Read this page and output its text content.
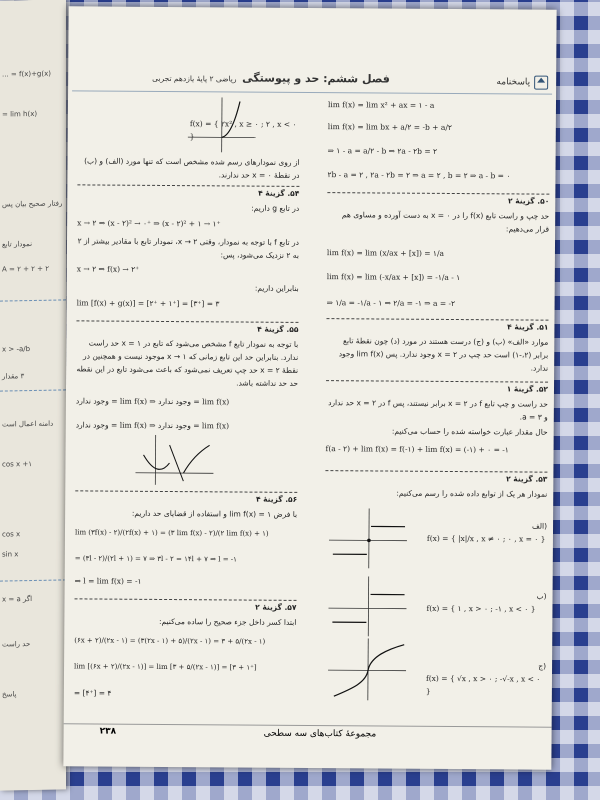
f(x)+g(x) = ...
lim h(x) =
رفتار صحیح بیان پس
نمودار تابع
A = ۲ + ۲ + ۲
x > -a/b
۳ مقدار
دامنه اعمال است
۱+ cos x
cos x
sin x
اگر x = a
حد راست
پاسخ
پاسخنامه
فصل ششم: حد و پیوستگی
ریاضی ۲ پایهٔ یازدهم تجربی
lim f(x) = lim x² + ax = ۱ - a
lim f(x) = lim bx + a/۲ = -b + a/۲
⇒ ۱ - a = a/۲ - b ⇒ ۲a - ۲b = ۲
۲b - a = ۲ , ۲a - ۲b = ۲ ⇒ a = ۲ , b = ۲ ⇒ a - b = ۰
۵۰. گزینهٔ ۲
حد چپ و راست تابع f(x) را در x = ۰ به دست آورده و مساوی هم قرار می‌دهیم:
lim f(x) = lim (x/ax + [x]) = ۱/a
lim f(x) = lim (-x/ax + [x]) = -۱/a - ۱
⇒ ۱/a = -۱/a - ۱ ⇒ ۲/a = -۱ ⇒ a = -۲
۵۱. گزینهٔ ۴
موارد «الف» (ب) و (ج) درست هستند در مورد (د) چون نقطهٔ تابع برابر (۲،-۱) است حد چپ در x = ۲ وجود ندارد. پس lim f(x) وجود ندارد.
۵۲. گزینهٔ ۱
حد راست و چپ تابع f در x = ۲ برابر نیستند، پس f در x = ۲ حد ندارد و ۳ = a.
حال مقدار عبارت خواسته شده را حساب می‌کنیم:
f(a - ۲) + lim f(x) = f(-۱) + lim f(x) = (-۱) + ۰ = -۱
۵۳. گزینهٔ ۲
نمودار هر یک از توابع داده شده را رسم می‌کنیم:
(الف
f(x) = { |x|/x , x ≠ ۰ ; ۰ , x = ۰ }
(ب
f(x) = { ۱ , x > ۰ ; -۱ , x < ۰ }
(ج
f(x) = { √x , x > ۰ ; -√-x , x < ۰ }
f(x) = { ۲x² , x ≥ ۰ ; ۲ , x < ۰ }
از روی نمودارهای رسم شده مشخص است که تنها مورد (الف) و (ب) در نقطهٔ x = ۰ حد ندارند.
۵۴. گزینهٔ ۴
در تابع g داریم:
x → ۲ ⇒ (x - ۲)² → ۰⁺ ⇒ (x - ۲)² + ۱ → ۱⁺
در تابع f با توجه به نمودار، وقتی x → ۲، نمودار تابع با مقادیر بیشتر از ۲ به ۲ نزدیک می‌شود، پس:
x → ۲ ⇒ f(x) → ۲⁺
بنابراین داریم:
lim [f(x) + g(x)] = [۲⁺ + ۱⁺] = [۳⁺] = ۳
۵۵. گزینهٔ ۴
با توجه به نمودار تابع f مشخص می‌شود که تابع در x = ۱ حد راست ندارد. بنابراین حد این تابع زمانی که x → ۱ موجود نیست و همچنین در نقطهٔ x = ۲ حد چپ تعریف نمی‌شود که باعث می‌شود تابع در این نقطه حد حد نداشته باشد.
وجود ندارد = lim f(x) ⇒ وجود ندارد = lim f(x)
وجود ندارد = lim f(x) ⇒ وجود ندارد = lim f(x)
۵۶. گزینهٔ ۴
با فرض lim f(x) = ۱ و استفاده از قضایای حد داریم:
lim (۳f(x) - ۲)/(۲f(x) + ۱) = (۳ lim f(x) - ۲)/(۲ lim f(x) + ۱)
= (۳l - ۲)/(۲l + ۱) = ۷ ⇒ ۳l - ۲ = ۱۴l + ۷ ⇒ l = -۱
⇒ l = lim f(x) = -۱
۵۷. گزینهٔ ۲
ابتدا کسر داخل جزء صحیح را ساده می‌کنیم:
(۶x + ۲)/(۲x - ۱) = (۳(۲x - ۱) + ۵)/(۲x - ۱) = ۳ + ۵/(۲x - ۱)
lim [(۶x + ۲)/(۲x - ۱)] = lim [۳ + ۵/(۲x - ۱)] = [۳ + ۱⁺]
= [۴⁺] = ۴
۲۳۸	مجموعهٔ کتاب‌های سه سطحی
